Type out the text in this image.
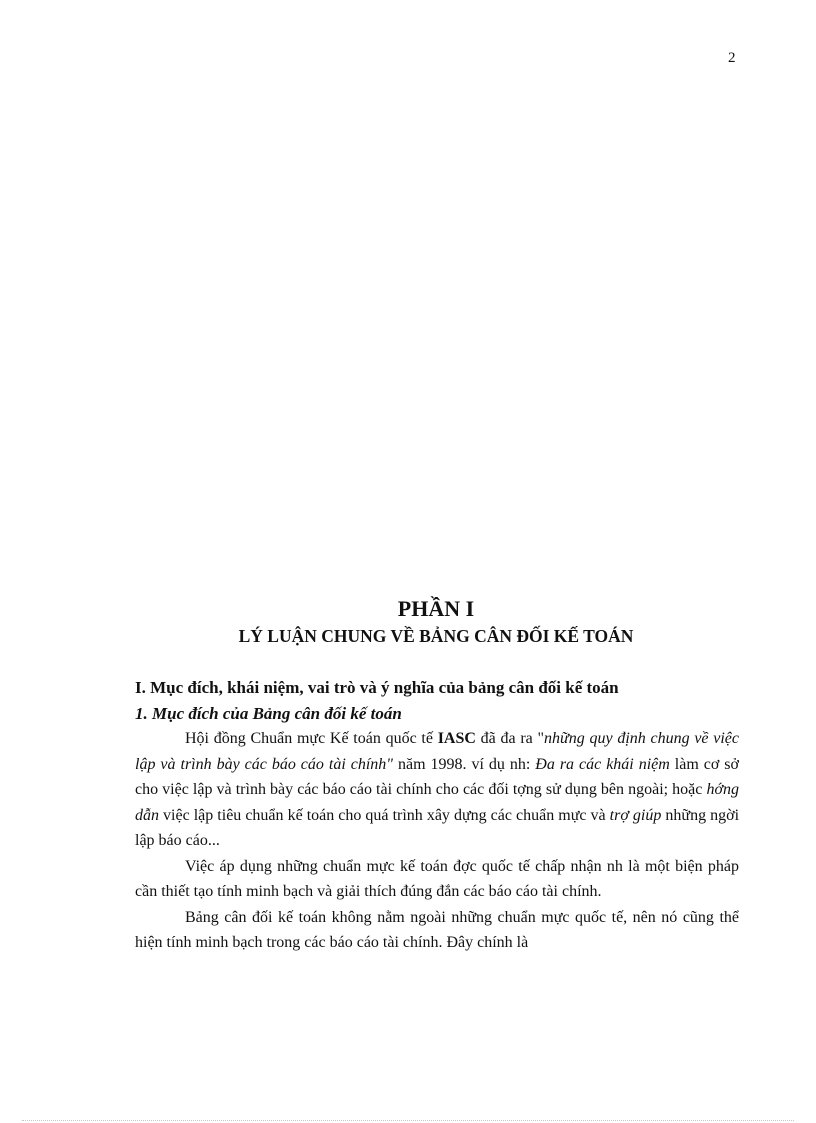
2
PHẦN I
LÝ LUẬN CHUNG VỀ BẢNG CÂN ĐỐI KẾ TOÁN
I. Mục đích, khái niệm, vai trò và ý nghĩa của bảng cân đối kế toán
1. Mục đích của Bảng cân đối kế toán

Hội đồng Chuẩn mực Kế toán quốc tế IASC đã đa ra "những quy định chung về việc lập và trình bày các báo cáo tài chính" năm 1998. ví dụ nh: Đa ra các khái niệm làm cơ sở cho việc lập và trình bày các báo cáo tài chính cho các đối tợng sử dụng bên ngoài; hoặc hớng dẫn việc lập tiêu chuẩn kế toán cho quá trình xây dựng các chuẩn mực và trợ giúp những ngời lập báo cáo...

Việc áp dụng những chuẩn mực kế toán đợc quốc tế chấp nhận nh là một biện pháp cần thiết tạo tính minh bạch và giải thích đúng đắn các báo cáo tài chính.

Bảng cân đối kế toán không nằm ngoài những chuẩn mực quốc tế, nên nó cũng thể hiện tính minh bạch trong các báo cáo tài chính. Đây chính là
